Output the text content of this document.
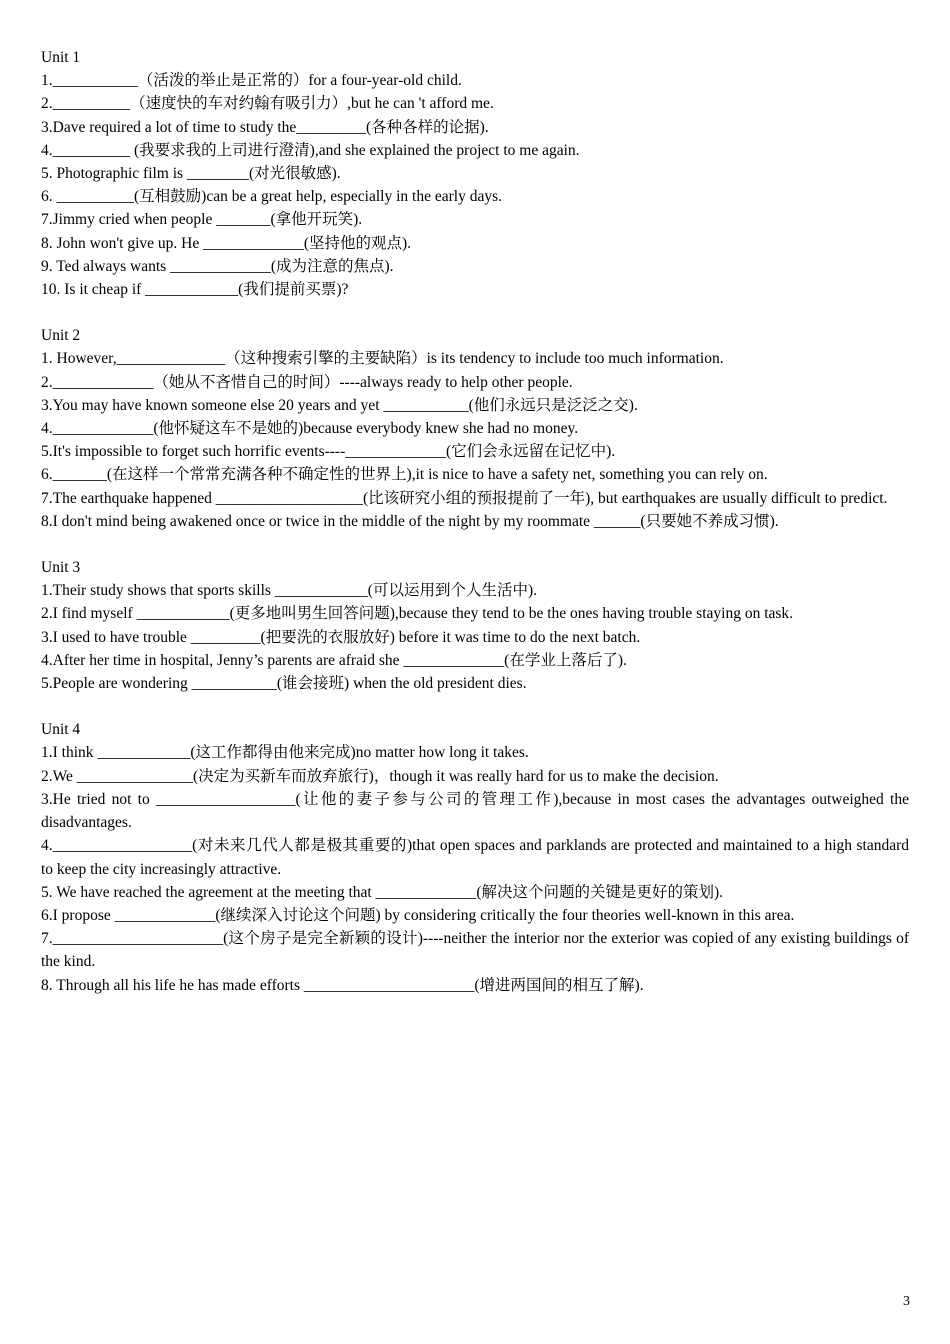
Unit 1
1.___________（活泼的举止是正常的）for a four-year-old child.
2.__________（速度快的车对约翰有吸引力）,but he can 't afford me.
3.Dave required a lot of time to study the_________(各种各样的论据).
4.__________ (我要求我的上司进行澄清),and she explained the project to me again.
5. Photographic film is ________(对光很敏感).
6. __________(互相鼓励)can be a great help, especially in the early days.
7.Jimmy cried when people _______(拿他开玩笑).
8. John won't give up. He _____________(坚持他的观点).
9. Ted always wants _____________(成为注意的焦点).
10. Is it cheap if ____________(我们提前买票)?
Unit 2
1. However,______________（这种搜索引擎的主要缺陷）is its tendency to include too much information.
2._____________（她从不吝惜自己的时间）----always ready to help other people.
3.You may have known someone else 20 years and yet ___________(他们永远只是泛泛之交).
4._____________(他怀疑这车不是她的)because everybody knew she had no money.
5.It's impossible to forget such horrific events----_____________(它们会永远留在记忆中).
6._______(在这样一个常常充满各种不确定性的世界上),it is nice to have a safety net, something you can rely on.
7.The earthquake happened ___________________(比该研究小组的预报提前了一年), but earthquakes are usually difficult to predict.
8.I don't mind being awakened once or twice in the middle of the night by my roommate ______(只要她不养成习惯).
Unit 3
1.Their study shows that sports skills ____________(可以运用到个人生活中).
2.I find myself ____________(更多地叫男生回答问题),because they tend to be the ones having trouble staying on task.
3.I used to have trouble _________(把要洗的衣服放好) before it was time to do the next batch.
4.After her time in hospital, Jenny’s parents are afraid she _____________(在学业上落后了).
5.People are wondering ___________(谁会接班) when the old president dies.
Unit 4
1.I think ____________(这工作都得由他来完成)no matter how long it takes.
2.We _______________(决定为买新车而放弃旅行)，though it was really hard for us to make the decision.
3.He tried not to __________________(让他的妻子参与公司的管理工作),because in most cases the advantages outweighed the disadvantages.
4.__________________(对未来几代人都是极其重要的)that open spaces and parklands are protected and maintained to a high standard to keep the city increasingly attractive.
5. We have reached the agreement at the meeting that _____________(解决这个问题的关键是更好的策划).
6.I propose _____________(继续深入讨论这个问题) by considering critically the four theories well-known in this area.
7.______________________(这个房子是完全新颖的设计)----neither the interior nor the exterior was copied of any existing buildings of the kind.
8. Through all his life he has made efforts ______________________(增进两国间的相互了解).
3
